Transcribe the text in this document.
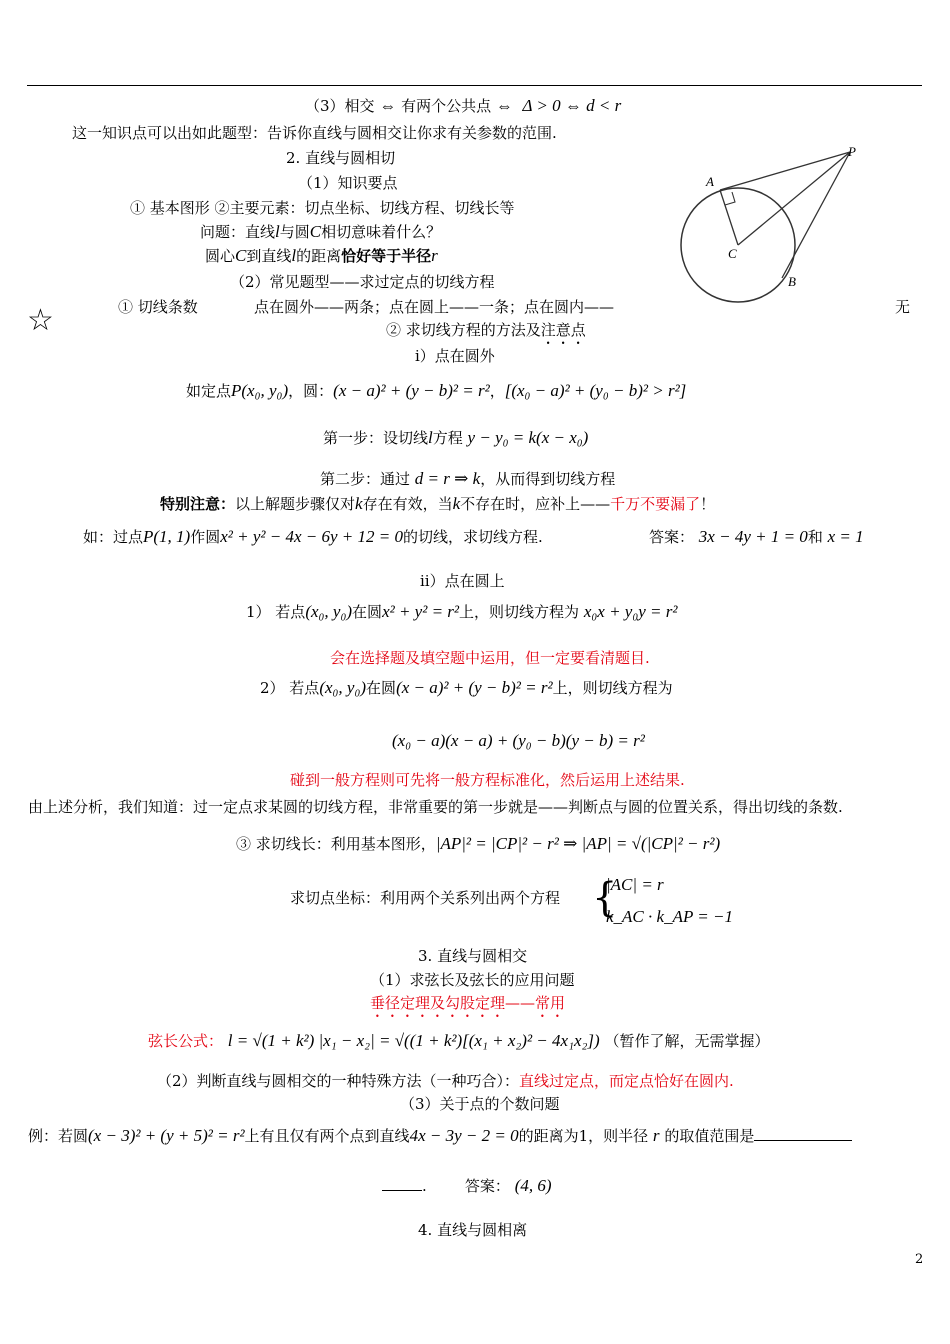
（3）相交 ⇔ 有两个公共点 ⇔ Δ > 0 ⇔ d < r
这一知识点可以出如此题型：告诉你直线与圆相交让你求有关参数的范围.
2. 直线与圆相切
（1）知识要点
① 基本图形 ②主要元素：切点坐标、切线方程、切线长等
问题：直线l与圆C相切意味着什么？
圆心C到直线l的距离恰好等于半径r
（2）常见题型——求过定点的切线方程
☆	① 切线条数	点在圆外——两条；点在圆上——一条；点在圆内——	无
② 求切线方程的方法及注意点
ⅰ）点在圆外
如定点P(x₀, y₀)，圆：(x − a)² + (y − b)² = r²，[(x₀ − a)² + (y₀ − b)² > r²]
第一步：设切线l方程 y − y₀ = k(x − x₀)
第二步：通过 d = r ⇒ k，从而得到切线方程
特别注意：以上解题步骤仅对k存在有效，当k不存在时，应补上——千万不要漏了！
如：过点P(1, 1)作圆x² + y² − 4x − 6y + 12 = 0的切线，求切线方程.	答案： 3x − 4y + 1 = 0和 x = 1
ⅱ）点在圆上
1） 若点(x₀, y₀)在圆x² + y² = r²上，则切线方程为 x₀x + y₀y = r²
会在选择题及填空题中运用，但一定要看清题目.
2） 若点(x₀, y₀)在圆(x − a)² + (y − b)² = r²上，则切线方程为
(x₀ − a)(x − a) + (y₀ − b)(y − b) = r²
碰到一般方程则可先将一般方程标准化，然后运用上述结果.
由上述分析，我们知道：过一定点求某圆的切线方程，非常重要的第一步就是——判断点与圆的位置关系，得出切线的条数.
③ 求切线长：利用基本图形，|AP|² = |CP|² − r² ⇒ |AP| = √(|CP|² − r²)
求切点坐标：利用两个关系列出两个方程 {
|AC| = r
k_AC · k_AP = −1
3. 直线与圆相交
（1）求弦长及弦长的应用问题
垂径定理及勾股定理——常用
弦长公式： l = √(1 + k²) |x₁ − x₂| = √((1 + k²)[(x₁ + x₂)² − 4x₁x₂]) （暂作了解，无需掌握）
（2）判断直线与圆相交的一种特殊方法（一种巧合）：直线过定点，而定点恰好在圆内.
（3）关于点的个数问题
例：若圆(x − 3)² + (y + 5)² = r²上有且仅有两个点到直线4x − 3y − 2 = 0的距离为1，则半径 r 的取值范围是
.        答案： (4, 6)
4. 直线与圆相离
2
P
A
C
B
